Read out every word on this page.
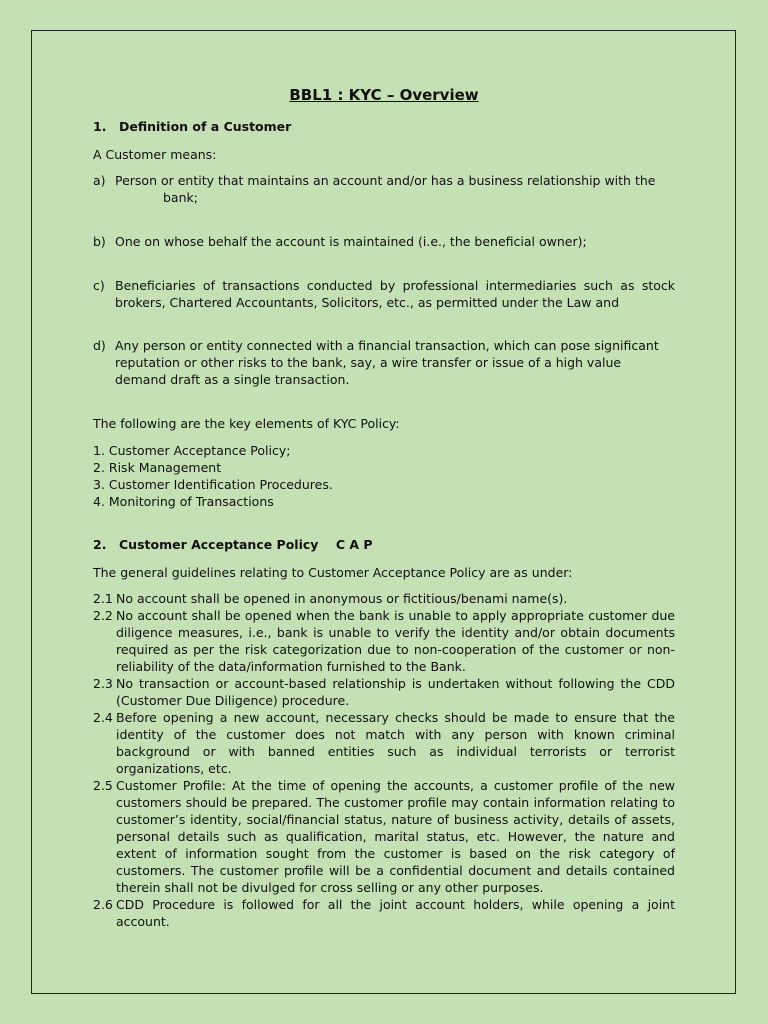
BBL1 : KYC – Overview
1. Definition of a Customer
A Customer means:
a) Person or entity that maintains an account and/or has a business relationship with the
bank;
b) One on whose behalf the account is maintained (i.e., the beneficial owner);
c) Beneficiaries of transactions conducted by professional intermediaries such as stock brokers, Chartered Accountants, Solicitors, etc., as permitted under the Law and
d) Any person or entity connected with a financial transaction, which can pose significant reputation or other risks to the bank, say, a wire transfer or issue of a high value demand draft as a single transaction.
The following are the key elements of KYC Policy:
1. Customer Acceptance Policy;
2. Risk Management
3. Customer Identification Procedures.
4. Monitoring of Transactions
2. Customer Acceptance Policy    C A P
The general guidelines relating to Customer Acceptance Policy are as under:
2.1 No account shall be opened in anonymous or fictitious/benami name(s).
2.2 No account shall be opened when the bank is unable to apply appropriate customer due diligence measures, i.e., bank is unable to verify the identity and/or obtain documents required as per the risk categorization due to non-cooperation of the customer or non-reliability of the data/information furnished to the Bank.
2.3 No transaction or account-based relationship is undertaken without following the CDD (Customer Due Diligence) procedure.
2.4 Before opening a new account, necessary checks should be made to ensure that the identity of the customer does not match with any person with known criminal background or with banned entities such as individual terrorists or terrorist organizations, etc.
2.5 Customer Profile: At the time of opening the accounts, a customer profile of the new customers should be prepared. The customer profile may contain information relating to customer’s identity, social/financial status, nature of business activity, details of assets, personal details such as qualification, marital status, etc. However, the nature and extent of information sought from the customer is based on the risk category of customers. The customer profile will be a confidential document and details contained therein shall not be divulged for cross selling or any other purposes.
2.6 CDD Procedure is followed for all the joint account holders, while opening a joint account.
